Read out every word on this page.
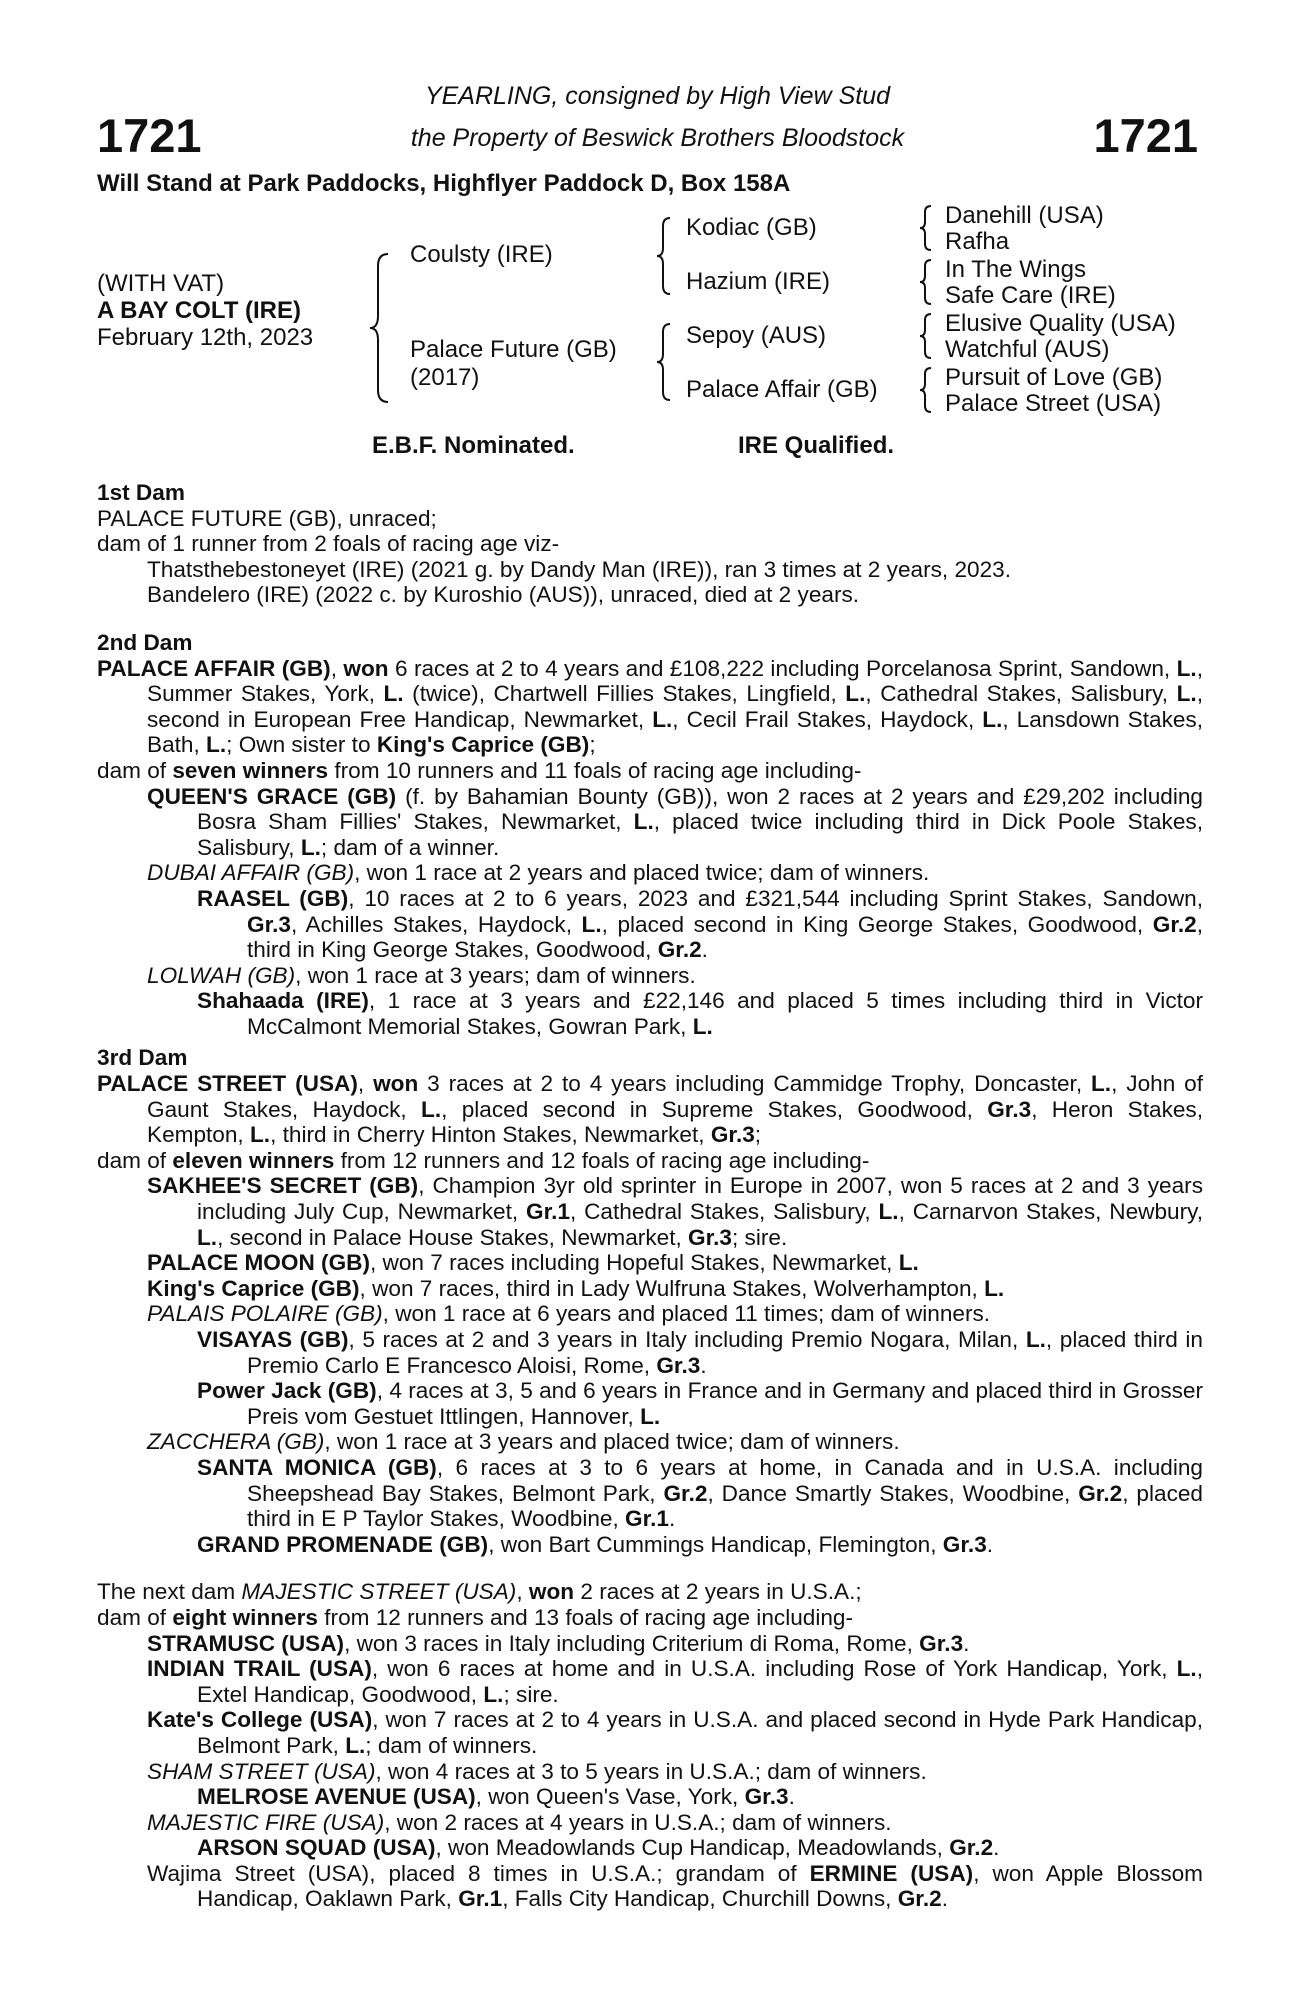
1721	1721
YEARLING, consigned by High View Stud
the Property of Beswick Brothers Bloodstock
Will Stand at Park Paddocks, Highflyer Paddock D, Box 158A
(WITH VAT)
A BAY COLT (IRE)
February 12th, 2023
Coulsty (IRE)
Palace Future (GB)
(2017)
Kodiac (GB)
Hazium (IRE)
Sepoy (AUS)
Palace Affair (GB)
Danehill (USA)
Rafha
In The Wings
Safe Care (IRE)
Elusive Quality (USA)
Watchful (AUS)
Pursuit of Love (GB)
Palace Street (USA)
E.B.F. Nominated.	IRE Qualified.

1st Dam

PALACE FUTURE (GB), unraced;

dam of 1 runner from 2 foals of racing age viz-

Thatsthebestoneyet (IRE) (2021 g. by Dandy Man (IRE)), ran 3 times at 2 years, 2023.

Bandelero (IRE) (2022 c. by Kuroshio (AUS)), unraced, died at 2 years.

2nd Dam

PALACE AFFAIR (GB), won 6 races at 2 to 4 years and £108,222 including Porcelanosa Sprint, Sandown, L., Summer Stakes, York, L. (twice), Chartwell Fillies Stakes, Lingfield, L., Cathedral Stakes, Salisbury, L., second in European Free Handicap, Newmarket, L., Cecil Frail Stakes, Haydock, L., Lansdown Stakes, Bath, L.; Own sister to King's Caprice (GB);

dam of seven winners from 10 runners and 11 foals of racing age including-

QUEEN'S GRACE (GB) (f. by Bahamian Bounty (GB)), won 2 races at 2 years and £29,202 including Bosra Sham Fillies' Stakes, Newmarket, L., placed twice including third in Dick Poole Stakes, Salisbury, L.; dam of a winner.

DUBAI AFFAIR (GB), won 1 race at 2 years and placed twice; dam of winners.

RAASEL (GB), 10 races at 2 to 6 years, 2023 and £321,544 including Sprint Stakes, Sandown, Gr.3, Achilles Stakes, Haydock, L., placed second in King George Stakes, Goodwood, Gr.2, third in King George Stakes, Goodwood, Gr.2.

LOLWAH (GB), won 1 race at 3 years; dam of winners.

Shahaada (IRE), 1 race at 3 years and £22,146 and placed 5 times including third in Victor McCalmont Memorial Stakes, Gowran Park, L.

3rd Dam

PALACE STREET (USA), won 3 races at 2 to 4 years including Cammidge Trophy, Doncaster, L., John of Gaunt Stakes, Haydock, L., placed second in Supreme Stakes, Goodwood, Gr.3, Heron Stakes, Kempton, L., third in Cherry Hinton Stakes, Newmarket, Gr.3;

dam of eleven winners from 12 runners and 12 foals of racing age including-

SAKHEE'S SECRET (GB), Champion 3yr old sprinter in Europe in 2007, won 5 races at 2 and 3 years including July Cup, Newmarket, Gr.1, Cathedral Stakes, Salisbury, L., Carnarvon Stakes, Newbury, L., second in Palace House Stakes, Newmarket, Gr.3; sire.

PALACE MOON (GB), won 7 races including Hopeful Stakes, Newmarket, L.

King's Caprice (GB), won 7 races, third in Lady Wulfruna Stakes, Wolverhampton, L.

PALAIS POLAIRE (GB), won 1 race at 6 years and placed 11 times; dam of winners.

VISAYAS (GB), 5 races at 2 and 3 years in Italy including Premio Nogara, Milan, L., placed third in Premio Carlo E Francesco Aloisi, Rome, Gr.3.

Power Jack (GB), 4 races at 3, 5 and 6 years in France and in Germany and placed third in Grosser Preis vom Gestuet Ittlingen, Hannover, L.

ZACCHERA (GB), won 1 race at 3 years and placed twice; dam of winners.

SANTA MONICA (GB), 6 races at 3 to 6 years at home, in Canada and in U.S.A. including Sheepshead Bay Stakes, Belmont Park, Gr.2, Dance Smartly Stakes, Woodbine, Gr.2, placed third in E P Taylor Stakes, Woodbine, Gr.1.

GRAND PROMENADE (GB), won Bart Cummings Handicap, Flemington, Gr.3.

The next dam MAJESTIC STREET (USA), won 2 races at 2 years in U.S.A.;

dam of eight winners from 12 runners and 13 foals of racing age including-

STRAMUSC (USA), won 3 races in Italy including Criterium di Roma, Rome, Gr.3.

INDIAN TRAIL (USA), won 6 races at home and in U.S.A. including Rose of York Handicap, York, L., Extel Handicap, Goodwood, L.; sire.

Kate's College (USA), won 7 races at 2 to 4 years in U.S.A. and placed second in Hyde Park Handicap, Belmont Park, L.; dam of winners.

SHAM STREET (USA), won 4 races at 3 to 5 years in U.S.A.; dam of winners.

MELROSE AVENUE (USA), won Queen's Vase, York, Gr.3.

MAJESTIC FIRE (USA), won 2 races at 4 years in U.S.A.; dam of winners.

ARSON SQUAD (USA), won Meadowlands Cup Handicap, Meadowlands, Gr.2.

Wajima Street (USA), placed 8 times in U.S.A.; grandam of ERMINE (USA), won Apple Blossom Handicap, Oaklawn Park, Gr.1, Falls City Handicap, Churchill Downs, Gr.2.
